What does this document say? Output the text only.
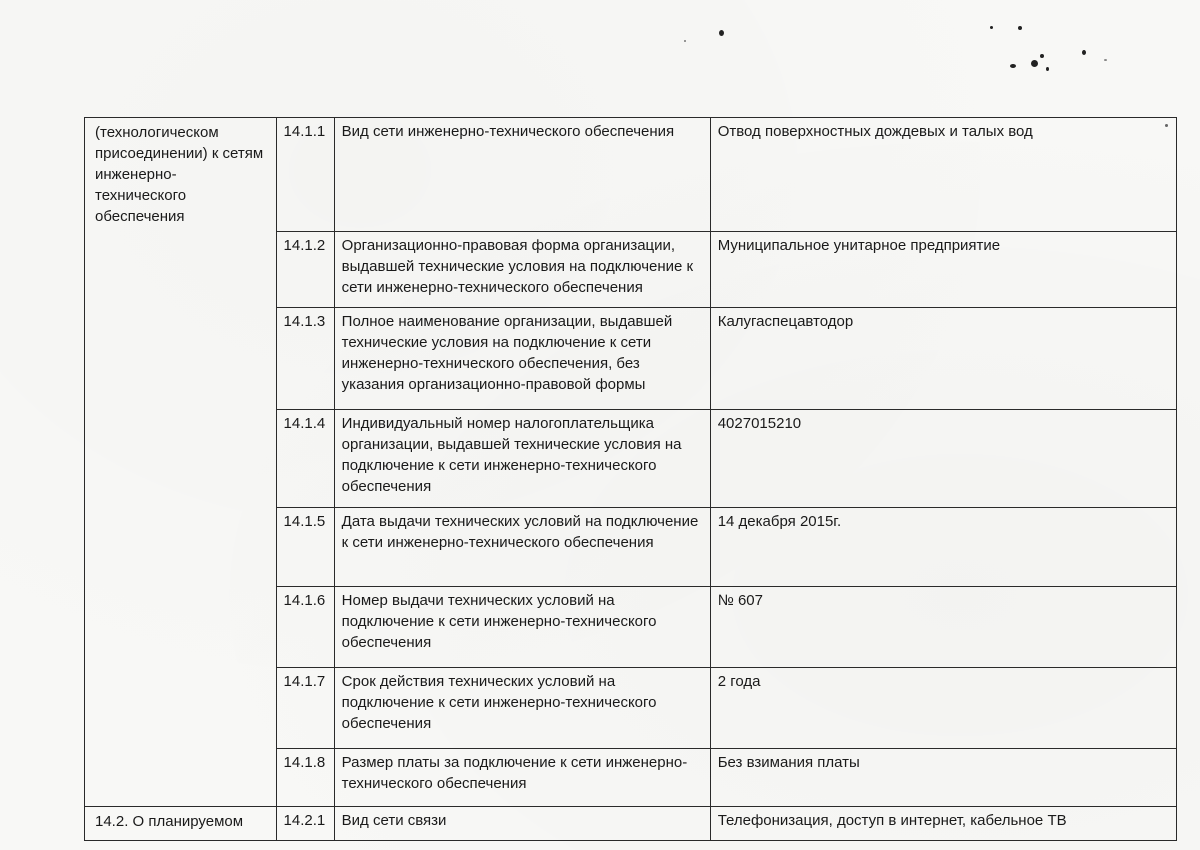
(технологическом присоединении) к сетям инженерно-технического обеспечения	14.1.1	Вид сети инженерно-технического обеспечения	Отвод поверхностных дождевых и талых вод
	14.1.2	Организационно-правовая форма организации, выдавшей технические условия на подключение к сети инженерно-технического обеспечения	Муниципальное унитарное предприятие
	14.1.3	Полное наименование организации, выдавшей технические условия на подключение к сети инженерно-технического обеспечения, без указания организационно-правовой формы	Калугаспецавтодор
	14.1.4	Индивидуальный номер налогоплательщика организации, выдавшей технические условия на подключение к сети инженерно-технического обеспечения	4027015210
	14.1.5	Дата выдачи технических условий на подключение к сети инженерно-технического обеспечения	14 декабря 2015г.
	14.1.6	Номер выдачи технических условий на подключение к сети инженерно-технического обеспечения	№ 607
	14.1.7	Срок действия технических условий на подключение к сети инженерно-технического обеспечения	2 года
	14.1.8	Размер платы за подключение к сети инженерно-технического обеспечения	Без взимания платы
14.2. О планируемом	14.2.1	Вид сети связи	Телефонизация, доступ в интернет, кабельное ТВ
